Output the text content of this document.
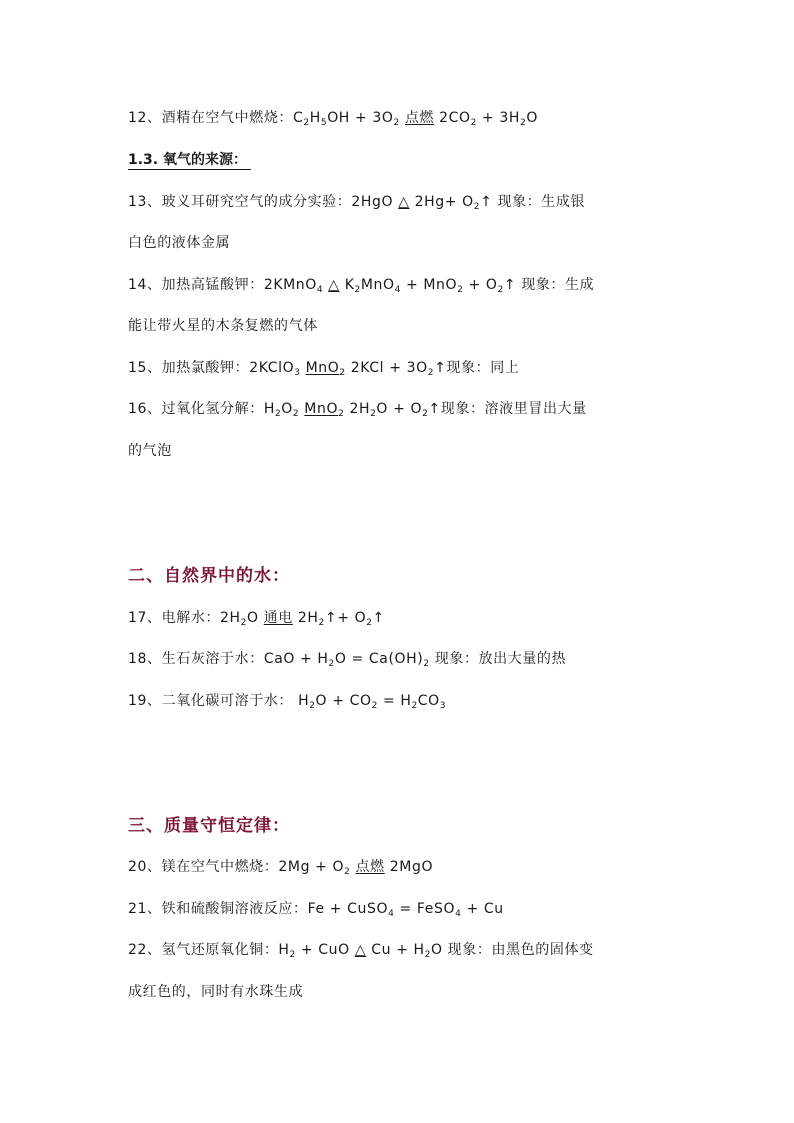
12、酒精在空气中燃烧：$C_2H_5OH + 3O_2$ 点燃 $2CO_2 + 3H_2O$
1.3. 氧气的来源：
13、玻义耳研究空气的成分实验：2HgO △ $2Hg+ O_2↑$ 现象：生成银
白色的液体金属
14、加热高锰酸钾：2KMnO$_4$ △ $K_2MnO_4 + MnO_2$ + $O_2↑$ 现象：生成
能让带火星的木条复燃的气体
15、加热氯酸钾：2KClO$_3$ MnO$_2$ $2KCl + 3O_2↑$现象：同上
16、过氧化氢分解：$H_2O_2$ MnO$_2$ $2H_2O$ + $O_2↑$现象：溶液里冒出大量
的气泡
二、自然界中的水：
17、电解水：$2H_2O$ 通电 $2H_2↑+$ $O_2↑$
18、生石灰溶于水：CaO + $H_2O = Ca(OH)_2$ 现象：放出大量的热
19、二氧化碳可溶于水： $H_2O + CO_2 = H_2CO_3$
三、质量守恒定律：
20、镁在空气中燃烧：$2Mg + O_2$ 点燃 2MgO
21、铁和硫酸铜溶液反应：Fe + CuSO$_4$ = FeSO$_4$ + Cu
22、氢气还原氧化铜：$H_2$ + CuO △ $Cu + H_2O$ 现象：由黑色的固体变
成红色的，同时有水珠生成
